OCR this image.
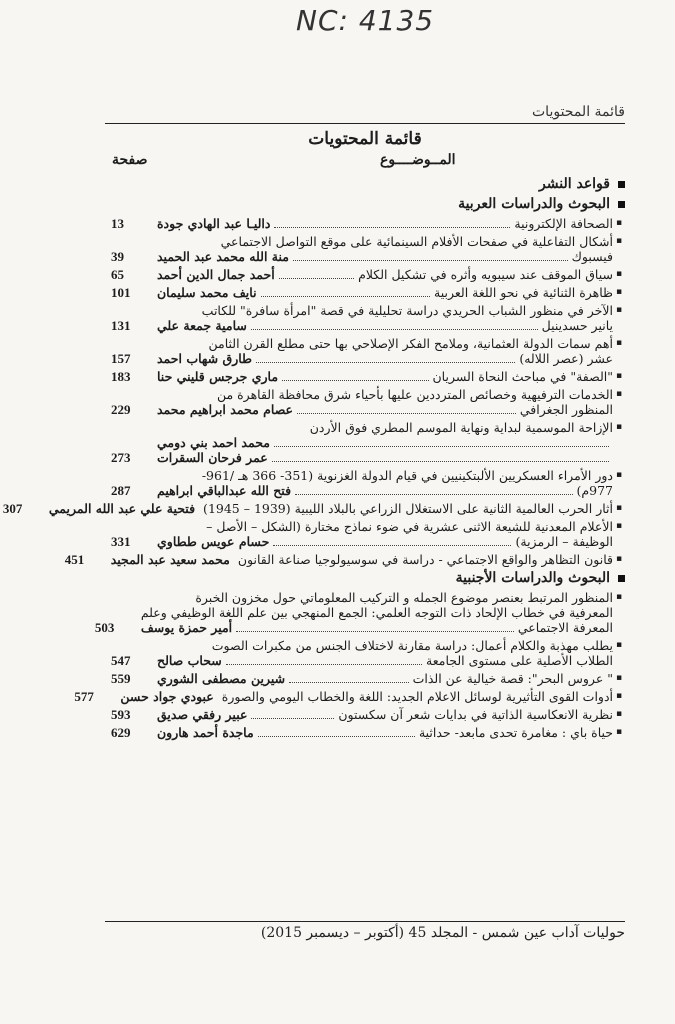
NC: 4135
قائمة المحتويات
قائمة المحتويات
المــوضــــوع
صفحة
قواعد النشر
البحوث والدراسات العربية
▪
الصحافة الإلكترونية
داليـا عبد الهادي جودة
13
▪
أشكال التفاعلية في صفحات الأفلام السينمائية على موقع التواصل الاجتماعي
فيسبوك
منة الله محمد عبد الحميد
39
▪
سياق الموقف عند سيبويه وأثره في تشكيل الكلام
أحمد جمال الدين أحمد
65
▪
ظاهرة الثنائية في نحو اللغة العربية
نايف محمد سليمان
101
▪
الآخر في منظور الشباب الحريدي دراسة تحليلية في قصة "امرأة سافرة" للكاتب
يانير حسدينيل
سامية جمعة علي
131
▪
أهم سمات الدولة العثمانية، وملامح الفكر الإصلاحي بها حتى مطلع القرن الثامن
عشر (عصر اللاله)
طارق شهاب احمد
157
▪
"الصفة" في مباحث النحاة السريان
ماري جرجس قليني حنا
183
▪
الخدمات الترفيهية وخصائص المترددين عليها بأحياء شرق محافظة القاهرة من
المنظور الجغرافي
عصام محمد ابراهيم محمد
229
▪
الإزاحة الموسمية لبداية ونهاية الموسم المطري فوق الأردن
محمد احمد بني دومي
عمر فرحان السقرات
273
▪
دور الأمراء العسكريين الألبتكينيين في قيام الدولة الغزنوية (351- 366 هـ /961-
977م)
فتح الله عبدالباقي ابراهيم
287
▪
أثار الحرب العالمية الثانية على الاستغلال الزراعي بالبلاد الليبية (1939 – 1945)
فتحية علي عبد الله المريمي
307
▪
الأعلام المعدنية للشيعة الاثنى عشرية في ضوء نماذج مختارة (الشكل – الأصل –
الوظيفة – الرمزية)
حسام عويس ططاوي
331
▪
قانون التظاهر والواقع الاجتماعي - دراسة في سوسيولوجيا صناعة القانون
محمد سعيد عبد المجيد
451
البحوث والدراسات الأجنبية
▪
المنظور المرتبط بعنصر موضوع الجمله و التركيب المعلوماتي حول مخزون الخبرة
المعرفية في خطاب الإلحاد ذات التوجه العلمي: الجمع المنهجي بين علم اللغة الوظيفي وعلم
المعرفة الاجتماعي
أمير حمزة يوسف
503
▪
يطلب مهذبة والكلام أعمال: دراسة مقارنة لاختلاف الجنس من مكبرات الصوت
الطلاب الأصلية على مستوى الجامعة
سحاب صالح
547
▪
" عروس البحر": قصة خيالية عن الذات
شيرين مصطفى الشوري
559
▪
أدوات القوى التأثيرية لوسائل الاعلام الجديد: اللغة والخطاب اليومي والصورة
عبودي جواد حسن
577
▪
نظرية الانعكاسية الذاتية في بدايات شعر آن سكستون
عبير رفقي صديق
593
▪
حياة باي : مغامرة تحدى مابعد- حداثية
ماجدة أحمد هارون
629
حوليات آداب عين شمس - المجلد 45 (أكتوبر – ديسمبر 2015)
